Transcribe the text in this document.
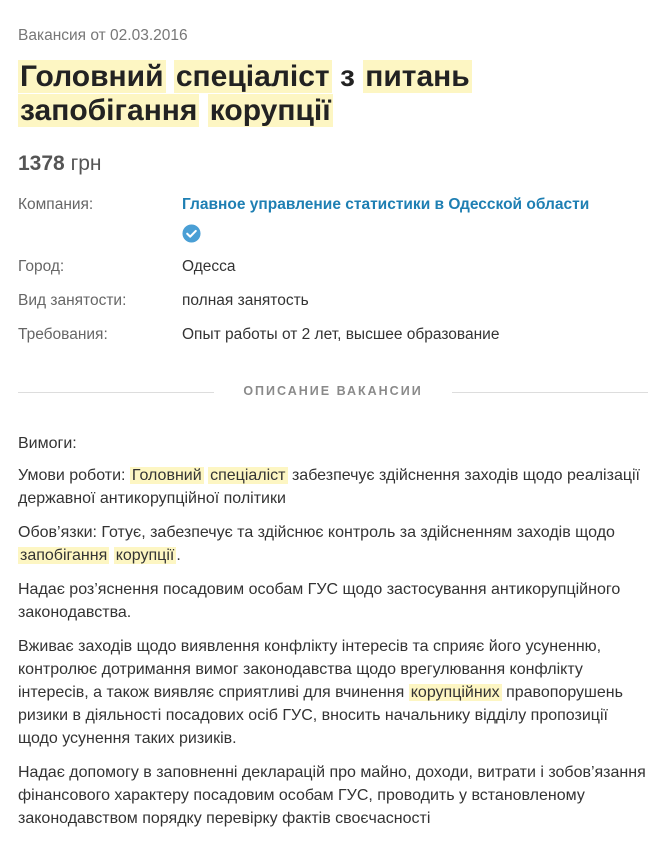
Вакансия от 02.03.2016
Головний спеціаліст з питань
запобігання корупції
1378 грн
Компания:	Главное управление статистики в Одесской области
Город:	Одесса
Вид занятости:	полная занятость
Требования:	Опыт работы от 2 лет, высшее образование
ОПИСАНИЕ ВАКАНСИИ

Вимоги:

Умови роботи: Головний спеціаліст забезпечує здійснення заходів щодо реалізації державної антикорупційної політики

Обов’язки: Готує, забезпечує та здійснює контроль за здійсненням заходів щодо запобігання корупції .

Надає роз’яснення посадовим особам ГУС щодо застосування антикорупційного законодавства.

Вживає заходів щодо виявлення конфлікту інтересів та сприяє його усуненню, контролює дотримання вимог законодавства щодо врегулювання конфлікту інтересів, а також виявляє сприятливі для вчинення корупційних правопорушень ризики в діяльності посадових осіб ГУС, вносить начальнику відділу пропозиції щодо усунення таких ризиків.

Надає допомогу в заповненні декларацій про майно, доходи, витрати і зобов’язання фінансового характеру посадовим особам ГУС, проводить у встановленому законодавством порядку перевірку фактів своєчасності
